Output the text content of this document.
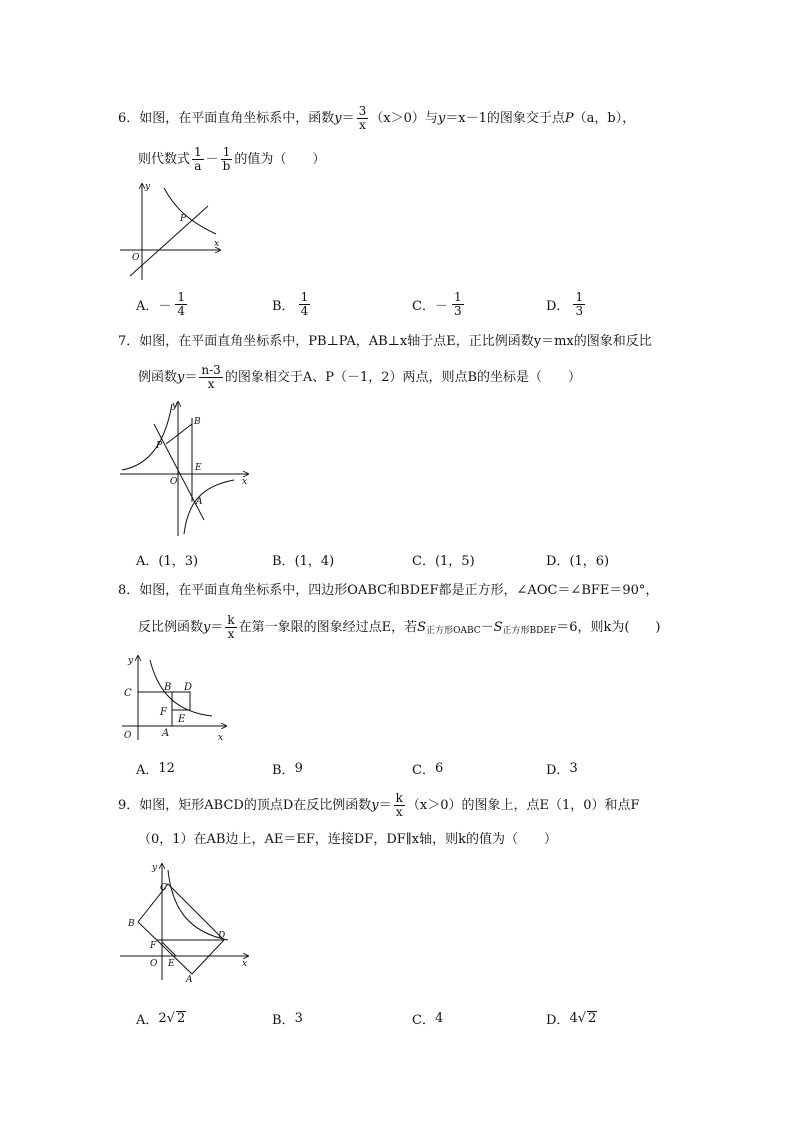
6．如图，在平面直角坐标系中，函数$y= \frac{3}{x} (x>0)$与y＝x－1的图象交于点P（a，b），
则代数式 $\frac{1}{a} - \frac{1}{b}$ 的值为（　　）
y
x
O
P
A． － $\frac{1}{4}$	B． $\frac{1}{4}$	C． － $\frac{1}{3}$	D． $\frac{1}{3}$
7．如图，在平面直角坐标系中，PB⊥PA，AB⊥x轴于点E，正比例函数y＝mx的图象和反比
例函数$y= \frac{n-3}{x}$ 的图象相交于A、P（－1，2）两点，则点B的坐标是（　　）
y
x
O
P
B
E
A
A． (1，3)	B． (1，4)	C． (1，5)	D． (1，6)
8．如图，在平面直角坐标系中，四边形OABC和BDEF都是正方形，∠AOC＝∠BFE＝90°，
反比例函数$y= \frac{k}{x}$ 在第一象限的图象经过点E，若$S_{正方形OABC}-S_{正方形BDEF}=6$，则k为(　　)
y
x
O
C
B D
F
E
A
A． 12	B． 9	C． 6	D． 3
9．如图，矩形ABCD的顶点D在反比例函数$y= \frac{k}{x} (x>0)$的图象上，点E（1，0）和点F
（0，1）在AB边上，AE＝EF，连接DF，DF∥x轴，则k的值为（　　）
y
x
O
C
B
F
D
E
A
A． 2 √ 2	B． 3	C． 4	D． 4 √ 2
